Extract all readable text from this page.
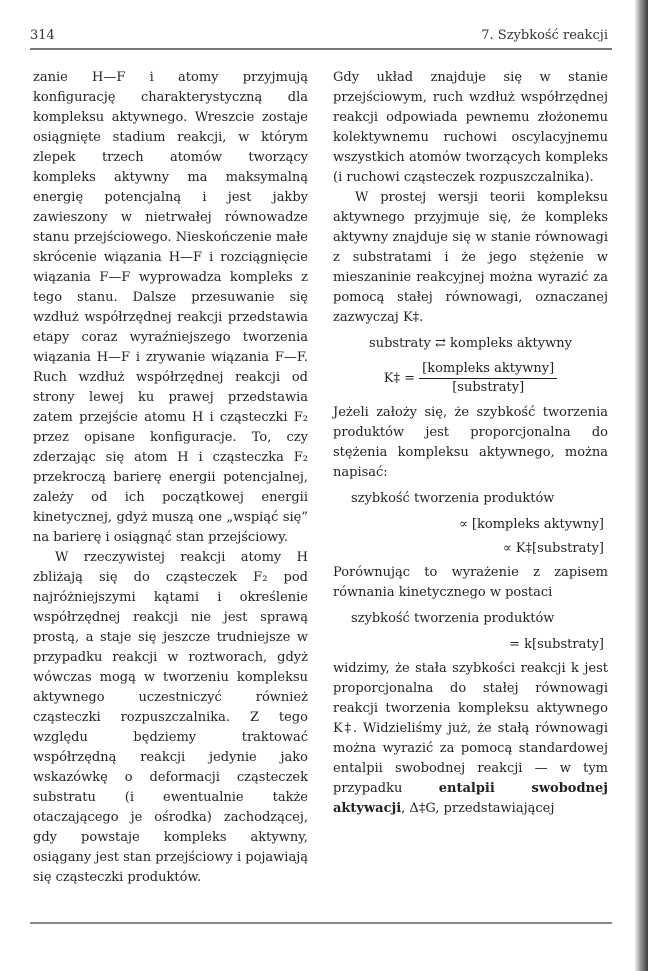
314	7. Szybkość reakcji

zanie H—F i atomy przyjmują konfigurację charakterystyczną dla kompleksu aktywnego. Wreszcie zostaje osiągnięte stadium reakcji, w którym zlepek trzech atomów tworzący kompleks aktywny ma maksymalną energię potencjalną i jest jakby zawieszony w nietrwałej równowadze stanu przejściowego. Nieskończenie małe skrócenie wiązania H—F i rozciągnięcie wiązania F—F wyprowadza kompleks z tego stanu. Dalsze przesuwanie się wzdłuż współrzędnej reakcji przedstawia etapy coraz wyraźniejszego tworzenia wiązania H—F i zrywanie wiązania F—F. Ruch wzdłuż współrzędnej reakcji od strony lewej ku prawej przedstawia zatem przejście atomu H i cząsteczki F₂ przez opisane konfiguracje. To, czy zderzając się atom H i cząsteczka F₂ przekroczą barierę energii potencjalnej, zależy od ich początkowej energii kinetycznej, gdyż muszą one „wspiąć się” na barierę i osiągnąć stan przejściowy.

W rzeczywistej reakcji atomy H zbliżają się do cząsteczek F₂ pod najróżniejszymi kątami i określenie współrzędnej reakcji nie jest sprawą prostą, a staje się jeszcze trudniejsze w przypadku reakcji w roztworach, gdyż wówczas mogą w tworzeniu kompleksu aktywnego uczestniczyć również cząsteczki rozpuszczalnika. Z tego względu będziemy traktować współrzędną reakcji jedynie jako wskazówkę o deformacji cząsteczek substratu (i ewentualnie także otaczającego je ośrodka) zachodzącej, gdy powstaje kompleks aktywny, osiągany jest stan przejściowy i pojawiają się cząsteczki produktów.

Gdy układ znajduje się w stanie przejściowym, ruch wzdłuż współrzędnej reakcji odpowiada pewnemu złożonemu kolektywnemu ruchowi oscylacyjnemu wszystkich atomów tworzących kompleks (i ruchowi cząsteczek rozpuszczalnika).

W prostej wersji teorii kompleksu aktywnego przyjmuje się, że kompleks aktywny znajduje się w stanie równowagi z substratami i że jego stężenie w mieszaninie reakcyjnej można wyrazić za pomocą stałej równowagi, oznaczanej zazwyczaj K‡.

substraty ⇄ kompleks aktywny
K‡ = $\frac{\text{[kompleks aktywny]}}{\text{[substraty]}}$

Jeżeli założy się, że szybkość tworzenia produktów jest proporcjonalna do stężenia kompleksu aktywnego, można napisać:

szybkość tworzenia produktów
∝ [kompleks aktywny]
∝ K‡[substraty]

Porównując to wyrażenie z zapisem równania kinetycznego w postaci

szybkość tworzenia produktów
= k[substraty]

widzimy, że stała szybkości reakcji k jest proporcjonalna do stałej równowagi reakcji tworzenia kompleksu aktywnego K‡. Widzieliśmy już, że stałą równowagi można wyrazić za pomocą standardowej entalpii swobodnej reakcji — w tym przypadku	entalpii swobodnej aktywacji, Δ‡G, przedstawiającej
